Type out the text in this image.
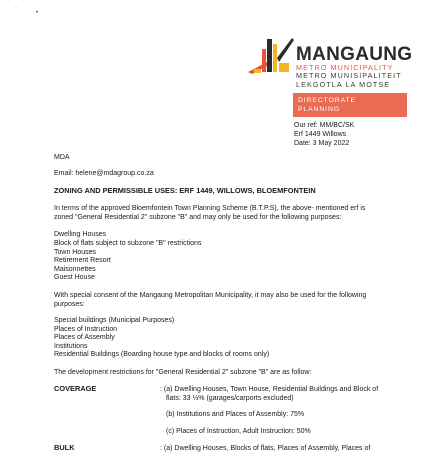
·
•
MANGAUNG
METRO MUNICIPALITY
METRO MUNISIPALITEIT
LEKGOTLA LA MOTSE
DIRECTORATE
PLANNING
Our ref: MM/BC/SK
Erf 1449 Willows
Date: 3 May 2022
MDA
Email: helene@mdagroup.co.za
ZONING AND PERMISSIBLE USES: ERF 1449, WILLOWS, BLOEMFONTEIN
In terms of the approved Bloemfontein Town Planning Scheme (B.T.P.S), the above- mentioned erf is
zoned "General Residential 2" subzone "B" and may only be used for the following purposes:
Dwelling Houses
Block of flats subject to subzone "B" restrictions
Town Houses
Retirement Resort
Maisonnettes
Guest House
With special consent of the Mangaung Metropolitan Municipality, it may also be used for the following
purposes:
Special buildings (Municipal Purposes)
Places of Instruction
Places of Assembly
Institutions
Residential Buildings (Boarding house type and blocks of rooms only)
The development restrictions for "General Residential 2" subzone "B" are as follow:
COVERAGE	: (a) Dwelling Houses, Town House, Residential Buildings and Block of
flats: 33 ⅓% (garages/carports excluded)
(b) Institutions and Places of Assembly: 75%
(c) Places of Instruction, Adult Instruction: 50%
BULK	: (a) Dwelling Houses, Blocks of flats, Places of Assembly, Places of
